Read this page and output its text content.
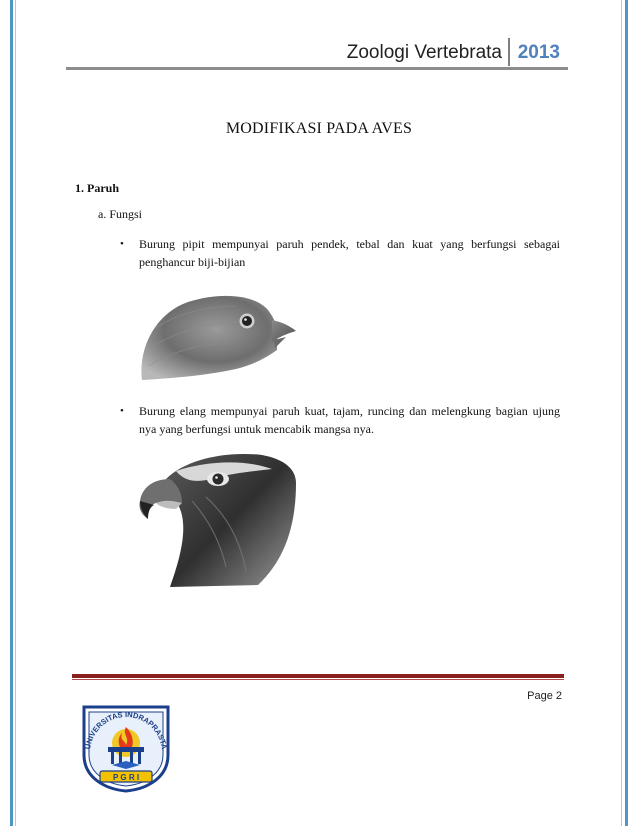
Zoologi Vertebrata 2013
MODIFIKASI PADA AVES
1. Paruh
a. Fungsi
• Burung pipit mempunyai paruh pendek, tebal dan kuat yang berfungsi sebagai penghancur biji-bijian
• Burung elang mempunyai paruh kuat, tajam, runcing dan melengkung bagian ujung nya yang berfungsi untuk mencabik mangsa nya.
Page 2
UNIVERSITAS INDRAPRASTA
P G R I
